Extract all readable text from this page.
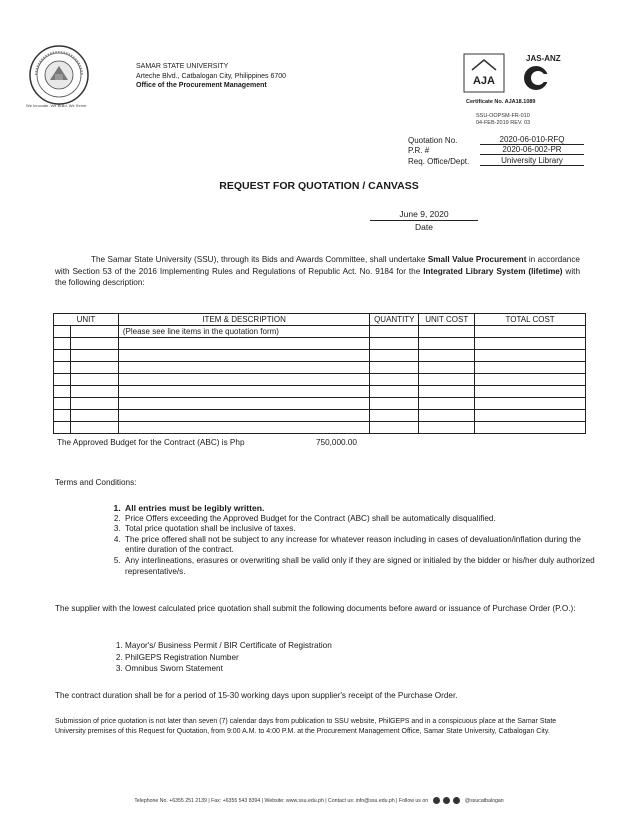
We Innovate. We Build. We Serve.
SAMAR STATE UNIVERSITY
Arteche Blvd., Catbalogan City, Philippines 6700
Office of the Procurement Management	AJA
JAS-ANZ
Certificate No. AJA18.1089
SSU-OOPSM-FR-010
04-FEB-2019 REV. 03
Quotation No.	2020-06-010-RFQ
P.R. #	2020-06-002-PR
Req. Office/Dept.	University Library
REQUEST FOR QUOTATION / CANVASS
June 9, 2020
Date

The Samar State University (SSU), through its Bids and Awards Committee, shall undertake Small Value Procurement in accordance with Section 53 of the 2016 Implementing Rules and Regulations of Republic Act. No. 9184 for the Integrated Library System (lifetime) with the following description:

UNIT		ITEM & DESCRIPTION	QUANTITY	UNIT COST	TOTAL COST
		(Please see line items in the quotation form)			

The Approved Budget for the Contract (ABC) is Php	750,000.00
Terms and Conditions:
1. All entries must be legibly written.
2. Price Offers exceeding the Approved Budget for the Contract (ABC) shall be automatically disqualified.
3. Total price quotation shall be inclusive of taxes.
4. The price offered shall not be subject to any increase for whatever reason including in cases of devaluation/inflation during the entire duration of the contract.
5. Any interlineations, erasures or overwriting shall be valid only if they are signed or initialed by the bidder or his/her duly authorized representative/s.
The supplier with the lowest calculated price quotation shall submit the following documents before award or issuance of Purchase Order (P.O.):
1. Mayor's/ Business Permit / BIR Certificate of Registration
2. PhilGEPS Registration Number
3. Omnibus Sworn Statement
The contract duration shall be for a period of 15-30 working days upon supplier's receipt of the Purchase Order.
Submission of price quotation is not later than seven (7) calendar days from publication to SSU website, PhilGEPS and in a conspicuous place at the Samar State University premises of this Request for Quotation, from 9:00 A.M. to 4:00 P.M. at the Procurement Management Office, Samar State University, Catbalogan City.
Telephone No. +6355 251 2139 | Fax: +6355 543 8394 | Website: www.ssu.edu.ph | Contact us: info@ssu.edu.ph | Follow us on	@ssucatbalogan
